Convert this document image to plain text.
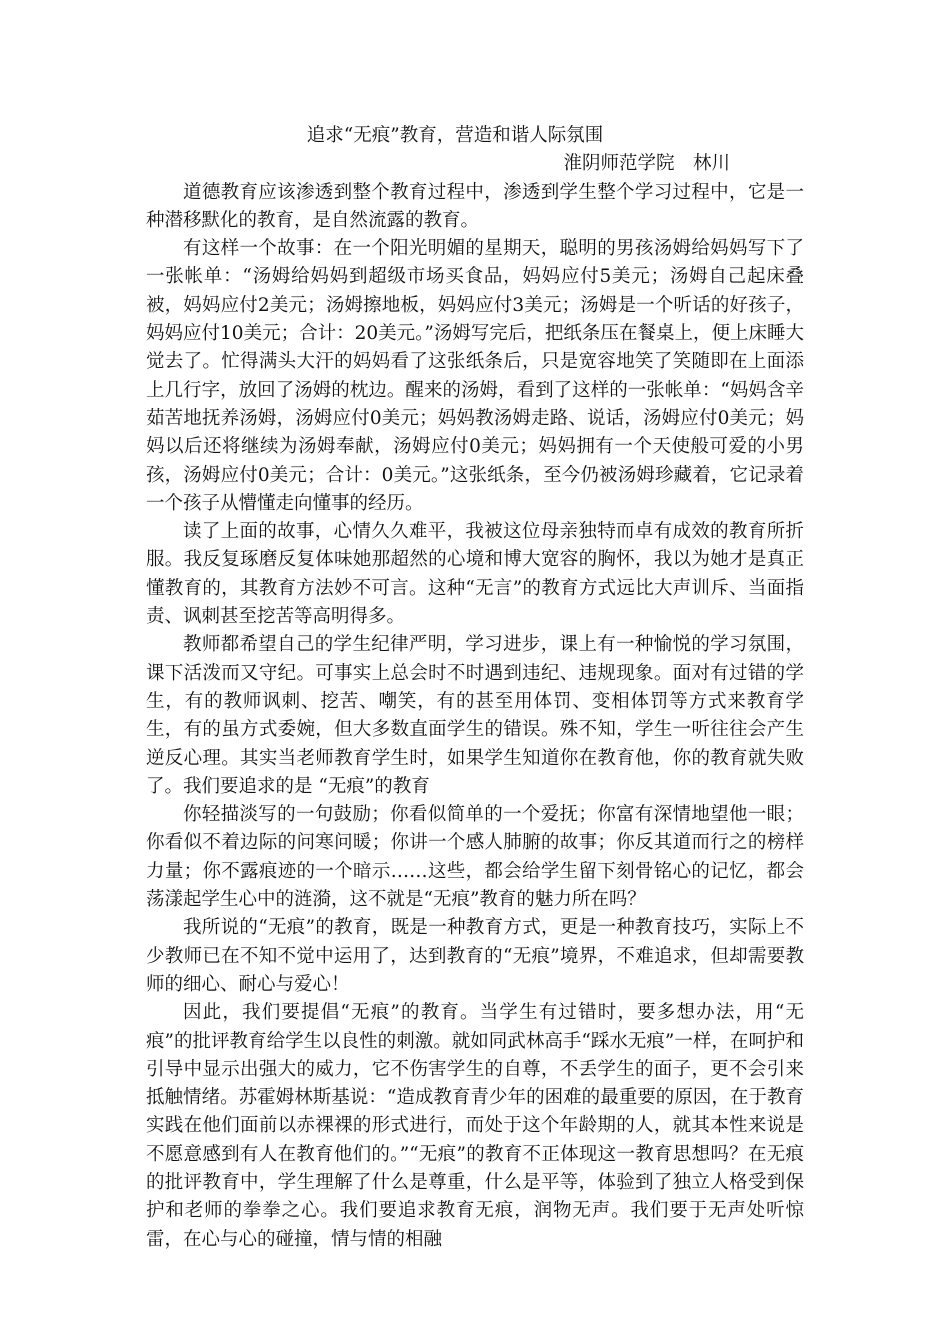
追求“无痕”教育，营造和谐人际氛围

淮阴师范学院　林川

道德教育应该渗透到整个教育过程中，渗透到学生整个学习过程中，它是一种潜移默化的教育，是自然流露的教育。

有这样一个故事：在一个阳光明媚的星期天，聪明的男孩汤姆给妈妈写下了一张帐单：“汤姆给妈妈到超级市场买食品，妈妈应付5美元；汤姆自己起床叠被，妈妈应付2美元；汤姆擦地板，妈妈应付3美元；汤姆是一个听话的好孩子，妈妈应付10美元；合计：20美元。”汤姆写完后，把纸条压在餐桌上，便上床睡大觉去了。忙得满头大汗的妈妈看了这张纸条后，只是宽容地笑了笑随即在上面添上几行字，放回了汤姆的枕边。醒来的汤姆，看到了这样的一张帐单：“妈妈含辛茹苦地抚养汤姆，汤姆应付0美元；妈妈教汤姆走路、说话，汤姆应付0美元；妈妈以后还将继续为汤姆奉献，汤姆应付0美元；妈妈拥有一个天使般可爱的小男孩，汤姆应付0美元；合计：0美元。”这张纸条，至今仍被汤姆珍藏着，它记录着一个孩子从懵懂走向懂事的经历。

读了上面的故事，心情久久难平，我被这位母亲独特而卓有成效的教育所折服。我反复琢磨反复体味她那超然的心境和博大宽容的胸怀，我以为她才是真正懂教育的，其教育方法妙不可言。这种“无言”的教育方式远比大声训斥、当面指责、讽刺甚至挖苦等高明得多。

教师都希望自己的学生纪律严明，学习进步，课上有一种愉悦的学习氛围，课下活泼而又守纪。可事实上总会时不时遇到违纪、违规现象。面对有过错的学生，有的教师讽刺、挖苦、嘲笑，有的甚至用体罚、变相体罚等方式来教育学生，有的虽方式委婉，但大多数直面学生的错误。殊不知，学生一听往往会产生逆反心理。其实当老师教育学生时，如果学生知道你在教育他，你的教育就失败了。我们要追求的是 “无痕”的教育

你轻描淡写的一句鼓励；你看似简单的一个爱抚；你富有深情地望他一眼；你看似不着边际的问寒问暖；你讲一个感人肺腑的故事；你反其道而行之的榜样力量；你不露痕迹的一个暗示……这些，都会给学生留下刻骨铭心的记忆，都会荡漾起学生心中的涟漪，这不就是“无痕”教育的魅力所在吗？

我所说的“无痕”的教育，既是一种教育方式，更是一种教育技巧，实际上不少教师已在不知不觉中运用了，达到教育的“无痕”境界，不难追求，但却需要教师的细心、耐心与爱心！

因此，我们要提倡“无痕”的教育。当学生有过错时，要多想办法，用“无痕”的批评教育给学生以良性的刺激。就如同武林高手“踩水无痕”一样，在呵护和引导中显示出强大的威力，它不伤害学生的自尊，不丢学生的面子，更不会引来抵触情绪。苏霍姆林斯基说：“造成教育青少年的困难的最重要的原因，在于教育实践在他们面前以赤裸裸的形式进行，而处于这个年龄期的人，就其本性来说是不愿意感到有人在教育他们的。”“无痕”的教育不正体现这一教育思想吗？在无痕的批评教育中，学生理解了什么是尊重，什么是平等，体验到了独立人格受到保护和老师的拳拳之心。我们要追求教育无痕，润物无声。我们要于无声处听惊雷，在心与心的碰撞，情与情的相融
